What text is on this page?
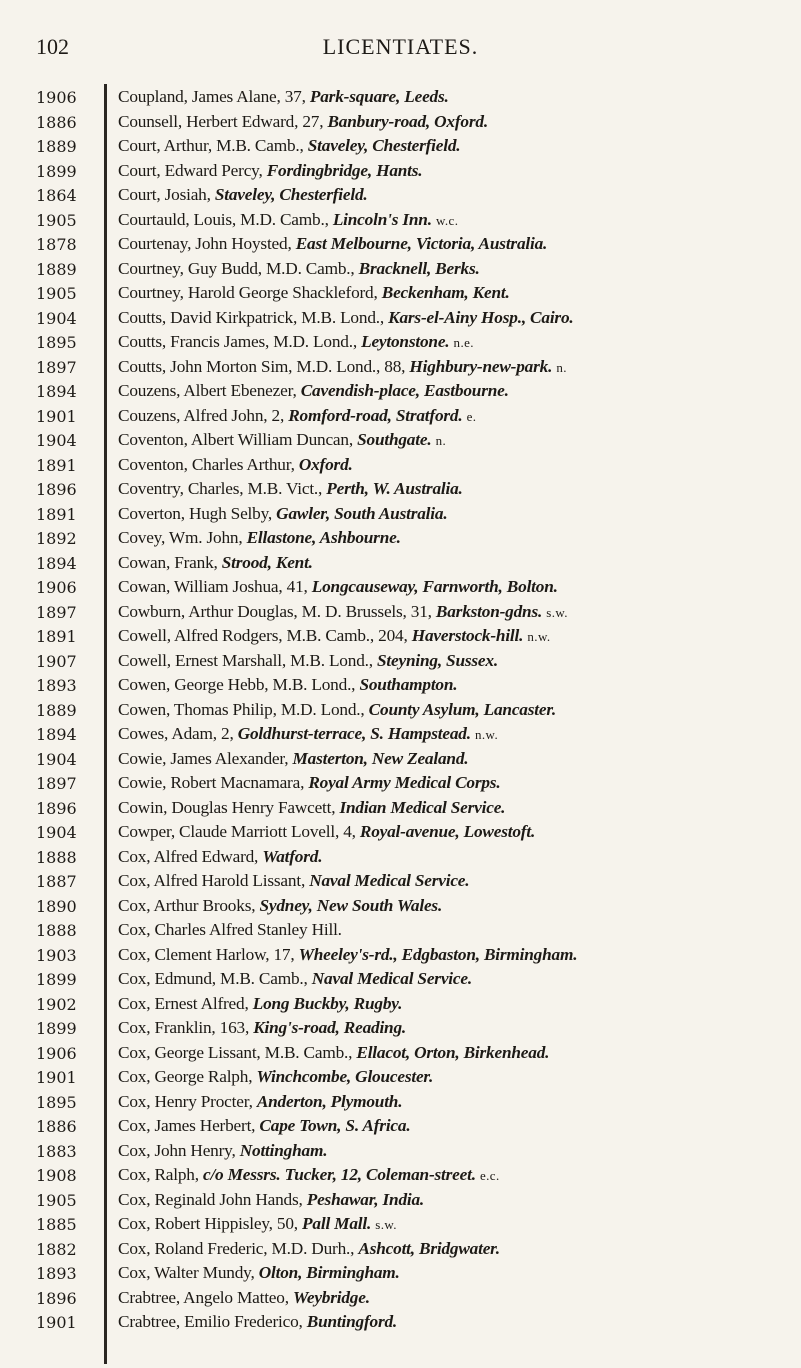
102	LICENTIATES.
1906	Coupland, James Alane, 37, Park-square, Leeds.
1886	Counsell, Herbert Edward, 27, Banbury-road, Oxford.
1889	Court, Arthur, M.B. Camb., Staveley, Chesterfield.
1899	Court, Edward Percy, Fordingbridge, Hants.
1864	Court, Josiah, Staveley, Chesterfield.
1905	Courtauld, Louis, M.D. Camb., Lincoln's Inn. w.c.
1878	Courtenay, John Hoysted, East Melbourne, Victoria, Australia.
1889	Courtney, Guy Budd, M.D. Camb., Bracknell, Berks.
1905	Courtney, Harold George Shackleford, Beckenham, Kent.
1904	Coutts, David Kirkpatrick, M.B. Lond., Kars-el-Ainy Hosp., Cairo.
1895	Coutts, Francis James, M.D. Lond., Leytonstone. n.e.
1897	Coutts, John Morton Sim, M.D. Lond., 88, Highbury-new-park. n.
1894	Couzens, Albert Ebenezer, Cavendish-place, Eastbourne.
1901	Couzens, Alfred John, 2, Romford-road, Stratford. e.
1904	Coventon, Albert William Duncan, Southgate. n.
1891	Coventon, Charles Arthur, Oxford.
1896	Coventry, Charles, M.B. Vict., Perth, W. Australia.
1891	Coverton, Hugh Selby, Gawler, South Australia.
1892	Covey, Wm. John, Ellastone, Ashbourne.
1894	Cowan, Frank, Strood, Kent.
1906	Cowan, William Joshua, 41, Longcauseway, Farnworth, Bolton.
1897	Cowburn, Arthur Douglas, M. D. Brussels, 31, Barkston-gdns. s.w.
1891	Cowell, Alfred Rodgers, M.B. Camb., 204, Haverstock-hill. n.w.
1907	Cowell, Ernest Marshall, M.B. Lond., Steyning, Sussex.
1893	Cowen, George Hebb, M.B. Lond., Southampton.
1889	Cowen, Thomas Philip, M.D. Lond., County Asylum, Lancaster.
1894	Cowes, Adam, 2, Goldhurst-terrace, S. Hampstead. n.w.
1904	Cowie, James Alexander, Masterton, New Zealand.
1897	Cowie, Robert Macnamara, Royal Army Medical Corps.
1896	Cowin, Douglas Henry Fawcett, Indian Medical Service.
1904	Cowper, Claude Marriott Lovell, 4, Royal-avenue, Lowestoft.
1888	Cox, Alfred Edward, Watford.
1887	Cox, Alfred Harold Lissant, Naval Medical Service.
1890	Cox, Arthur Brooks, Sydney, New South Wales.
1888	Cox, Charles Alfred Stanley Hill.
1903	Cox, Clement Harlow, 17, Wheeley's-rd., Edgbaston, Birmingham.
1899	Cox, Edmund, M.B. Camb., Naval Medical Service.
1902	Cox, Ernest Alfred, Long Buckby, Rugby.
1899	Cox, Franklin, 163, King's-road, Reading.
1906	Cox, George Lissant, M.B. Camb., Ellacot, Orton, Birkenhead.
1901	Cox, George Ralph, Winchcombe, Gloucester.
1895	Cox, Henry Procter, Anderton, Plymouth.
1886	Cox, James Herbert, Cape Town, S. Africa.
1883	Cox, John Henry, Nottingham.
1908	Cox, Ralph, c/o Messrs. Tucker, 12, Coleman-street. e.c.
1905	Cox, Reginald John Hands, Peshawar, India.
1885	Cox, Robert Hippisley, 50, Pall Mall. s.w.
1882	Cox, Roland Frederic, M.D. Durh., Ashcott, Bridgwater.
1893	Cox, Walter Mundy, Olton, Birmingham.
1896	Crabtree, Angelo Matteo, Weybridge.
1901	Crabtree, Emilio Frederico, Buntingford.
